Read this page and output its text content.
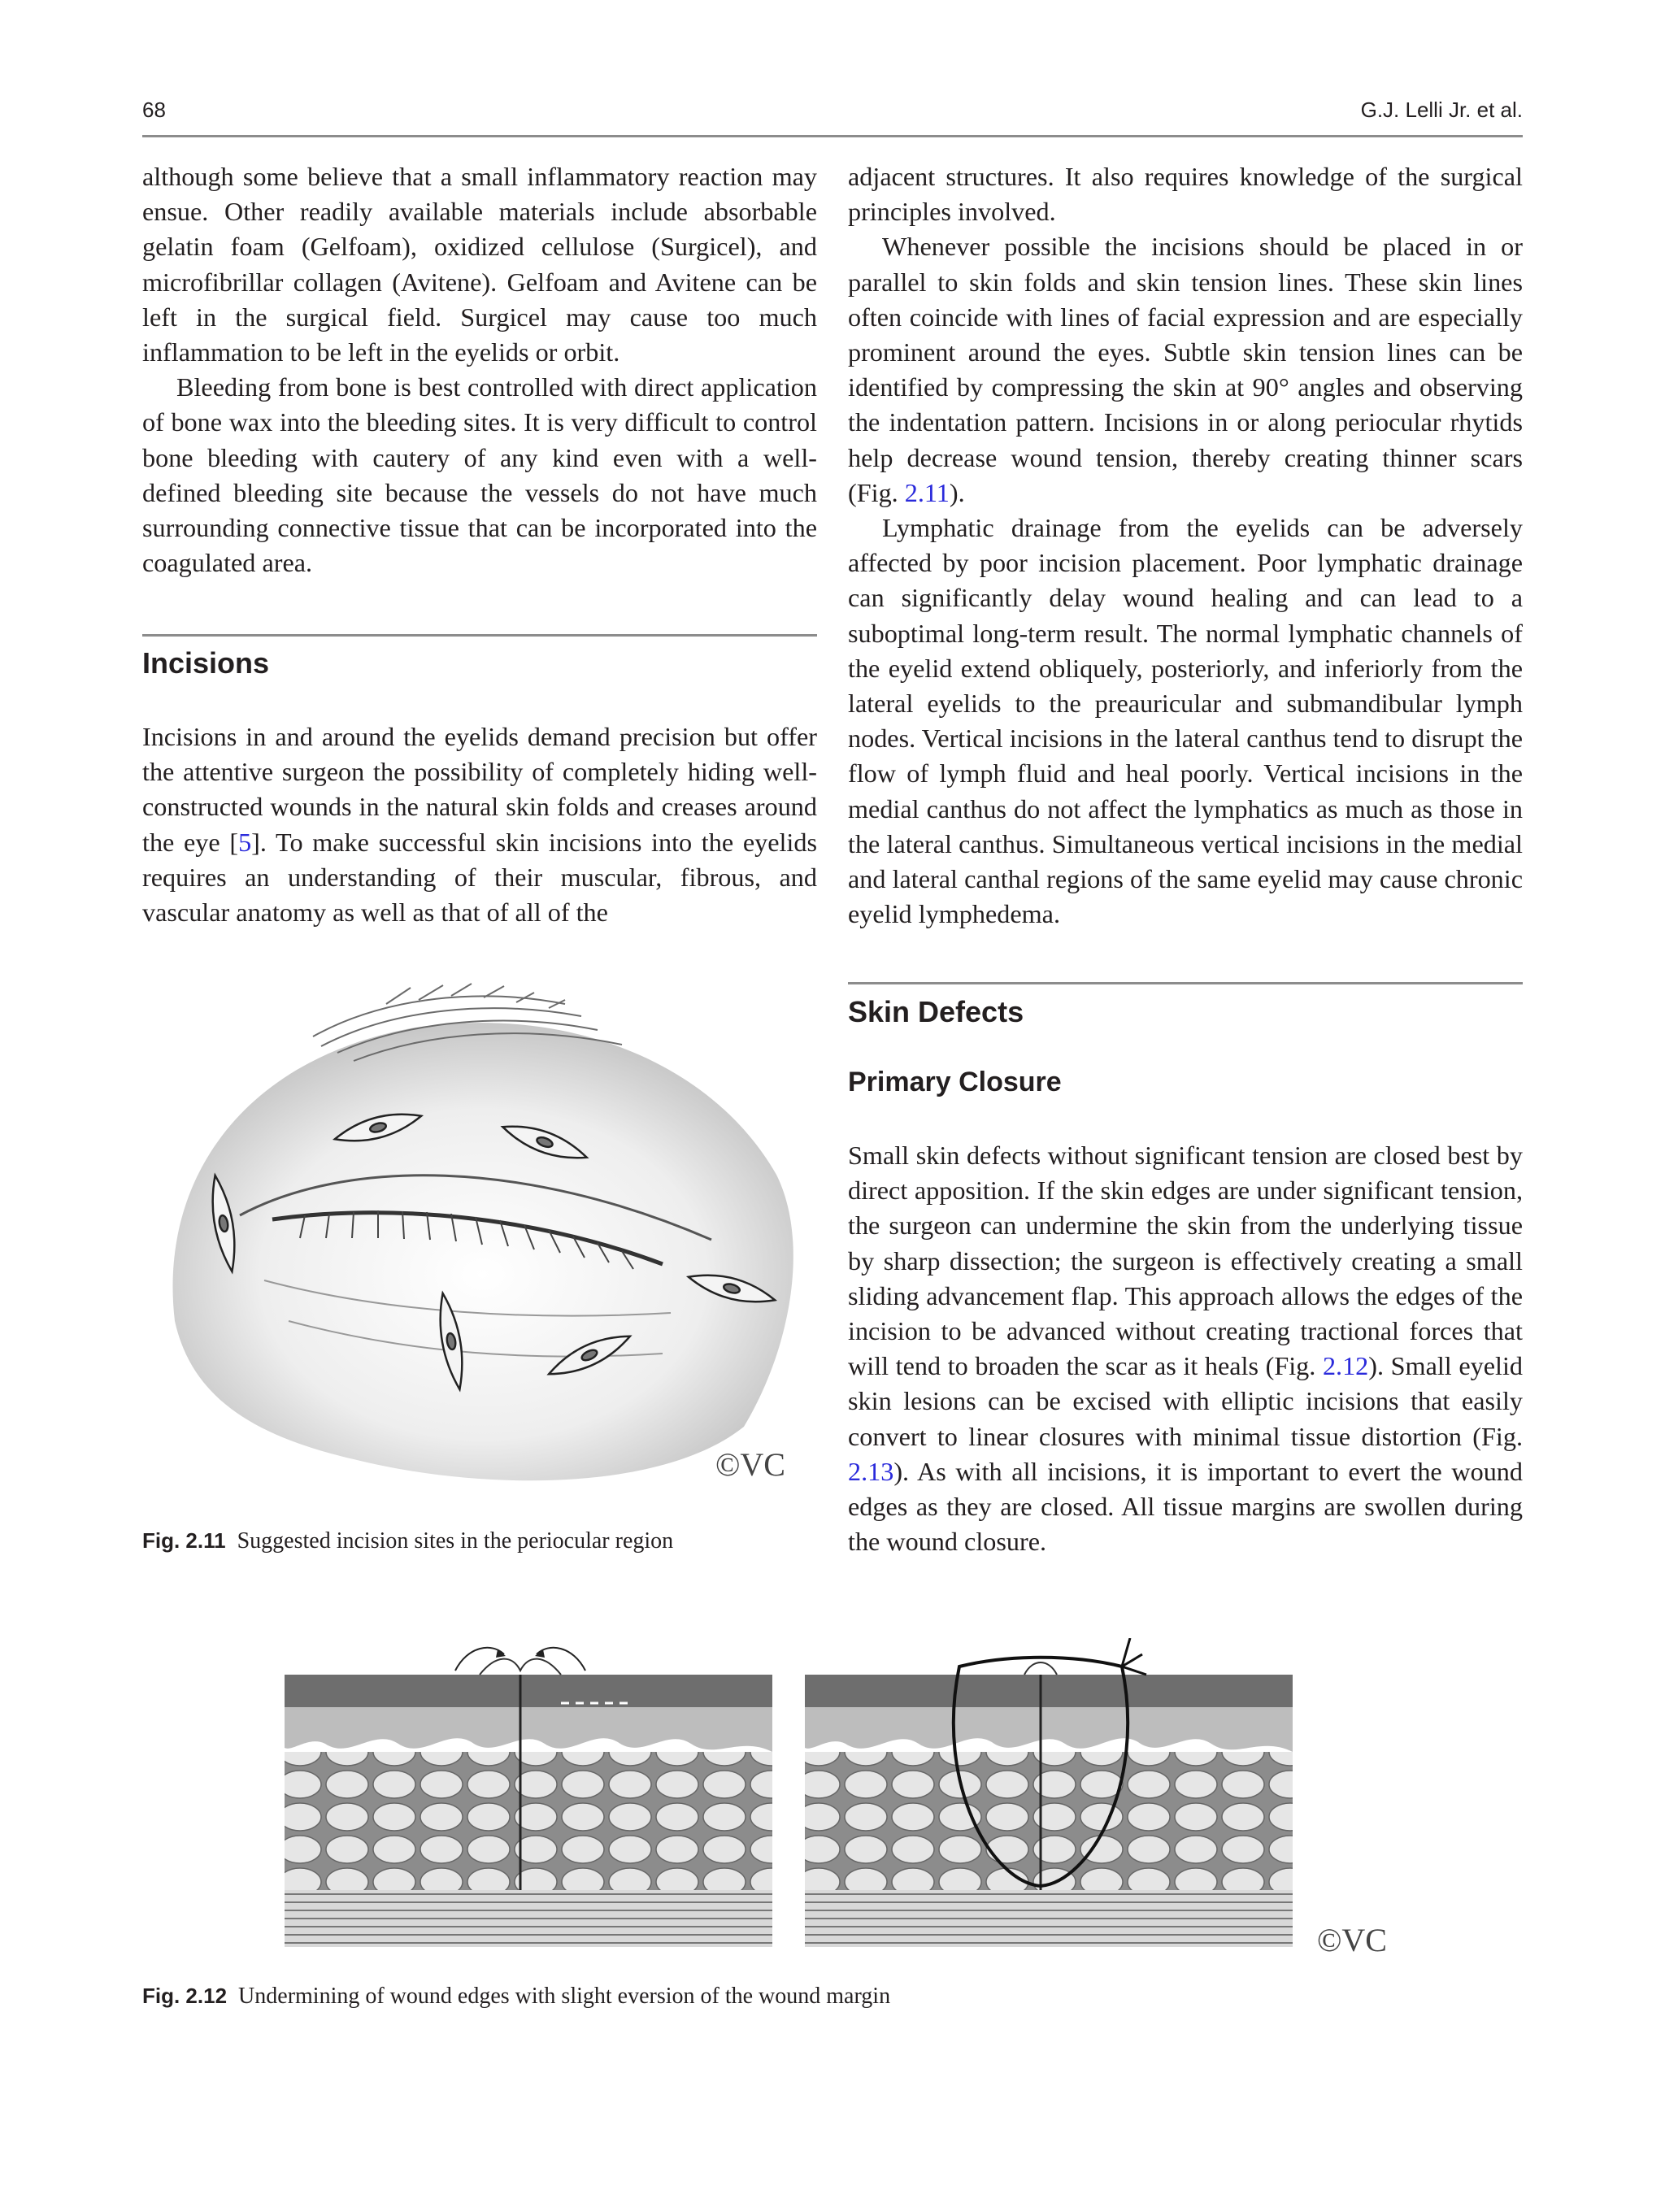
68	G.J. Lelli Jr. et al.

although some believe that a small inflammatory reaction may ensue. Other readily available materials include absorbable gelatin foam (Gelfoam), oxidized cellulose (Surgicel), and microfibrillar collagen (Avitene). Gelfoam and Avitene can be left in the surgical field. Surgicel may cause too much inflammation to be left in the eyelids or orbit.

Bleeding from bone is best controlled with direct application of bone wax into the bleeding sites. It is very difficult to control bone bleeding with cautery of any kind even with a well-defined bleeding site because the vessels do not have much surrounding connective tissue that can be incorporated into the coagulated area.

Incisions

Incisions in and around the eyelids demand precision but offer the attentive surgeon the possibility of completely hiding well-constructed wounds in the natural skin folds and creases around the eye [5]. To make successful skin incisions into the eyelids requires an understanding of their muscular, fibrous, and vascular anatomy as well as that of all of the

adjacent structures. It also requires knowledge of the surgical principles involved.

Whenever possible the incisions should be placed in or parallel to skin folds and skin tension lines. These skin lines often coincide with lines of facial expression and are especially prominent around the eyes. Subtle skin tension lines can be identified by compressing the skin at 90° angles and observing the indentation pattern. Incisions in or along periocular rhytids help decrease wound tension, thereby creating thinner scars (Fig. 2.11).

Lymphatic drainage from the eyelids can be adversely affected by poor incision placement. Poor lymphatic drainage can significantly delay wound healing and can lead to a suboptimal long-term result. The normal lymphatic channels of the eyelid extend obliquely, posteriorly, and inferiorly from the lateral eyelids to the preauricular and submandibular lymph nodes. Vertical incisions in the lateral canthus tend to disrupt the flow of lymph fluid and heal poorly. Vertical incisions in the medial canthus do not affect the lymphatics as much as those in the lateral canthus. Simultaneous vertical incisions in the medial and lateral canthal regions of the same eyelid may cause chronic eyelid lymphedema.

Skin Defects
Primary Closure

Small skin defects without significant tension are closed best by direct apposition. If the skin edges are under significant tension, the surgeon can undermine the skin from the underlying tissue by sharp dissection; the surgeon is effectively creating a small sliding advancement flap. This approach allows the edges of the incision to be advanced without creating tractional forces that will tend to broaden the scar as it heals (Fig. 2.12). Small eyelid skin lesions can be excised with elliptic incisions that easily convert to linear closures with minimal tissue distortion (Fig. 2.13). As with all incisions, it is important to evert the wound edges as they are closed. All tissue margins are swollen during the wound closure.

©VC
Fig. 2.11 Suggested incision sites in the periocular region
©VC
Fig. 2.12 Undermining of wound edges with slight eversion of the wound margin
